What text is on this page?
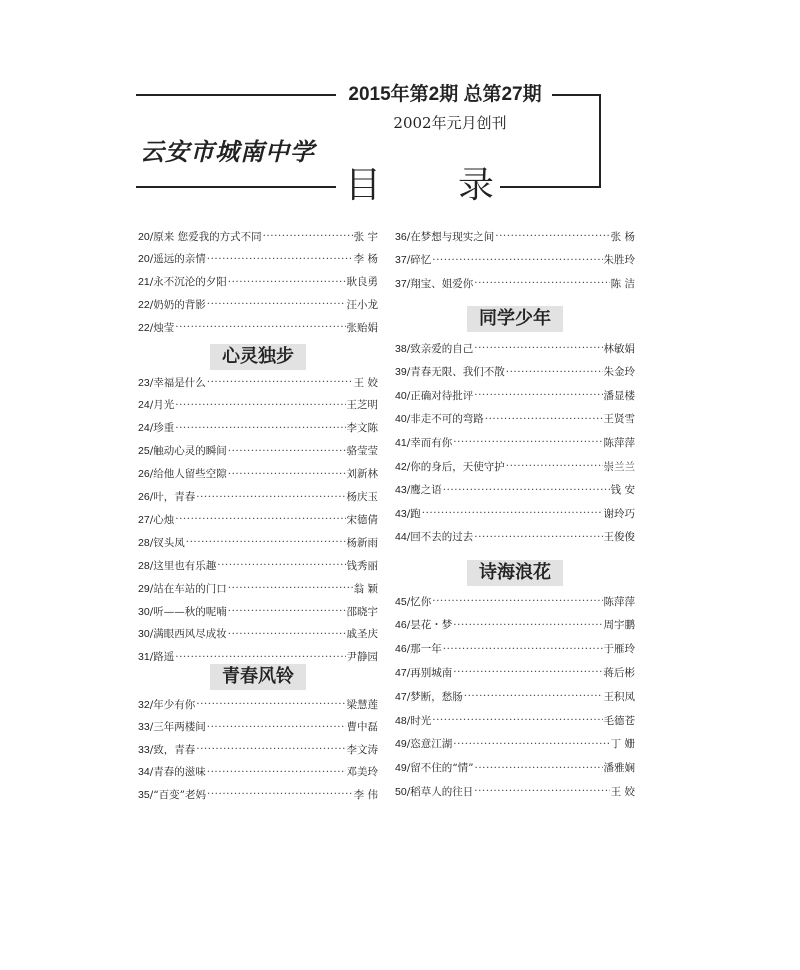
2015年第2期 总第27期
2002年元月创刊
云安市城南中学
目 录
20/原来 您爱我的方式不同 ·····	张 宇
20/遥远的亲情 ·····	李 杨
21/永不沉沦的夕阳 ·····	耿良勇
22/奶奶的背影 ·····	汪小龙
22/烛莹 ·····	张贻娟
心灵独步
23/幸福是什么 ·····	王 姣
24/月光 ·····	王芝明
24/珍重 ·····	李文陈
25/触动心灵的瞬间 ·····	骆莹莹
26/给他人留些空隙 ·····	刘新林
26/叶，青春 ·····	杨庆玉
27/心烛 ·····	宋德倩
28/钗头凤 ·····	杨新雨
28/这里也有乐趣 ·····	钱秀丽
29/站在车站的门口 ·····	翁 颖
30/听——秋的呢喃 ·····	邵晓宇
30/满眼西风尽成妆 ·····	戚圣庆
31/路遥 ·····	尹静园
青春风铃
32/年少有你 ·····	梁慧莲
33/三年两楼间 ·····	曹中磊
33/致，青春 ·····	李文涛
34/青春的滋味 ·····	邓美玲
35/“百变”老妈 ·····	李 伟
36/在梦想与现实之间 ·····	张 杨
37/碎忆 ·····	朱胜玲
37/翔宝、姐爱你 ·····	陈 洁
同学少年
38/致亲爱的自己 ·····	林敏娟
39/青春无限、我们不散 ·····	朱金玲
40/正确对待批评 ·····	潘显楼
40/非走不可的弯路 ·····	王贤雪
41/幸而有你 ·····	陈萍萍
42/你的身后，天使守护 ·····	崇兰兰
43/鹰之语 ·····	钱 安
43/跑 ·····	谢玲巧
44/回不去的过去 ·····	王俊俊
诗海浪花
45/忆你 ·····	陈萍萍
46/昙花・梦 ·····	周宇鹏
46/那一年 ·····	于雁玲
47/再别城南 ·····	蒋后彬
47/梦断，愁肠 ·····	王积凤
48/时光 ·····	毛德苍
49/恣意江湖 ·····	丁 姗
49/留不住的“情” ·····	潘雅娴
50/稻草人的往日 ·····	王 姣
